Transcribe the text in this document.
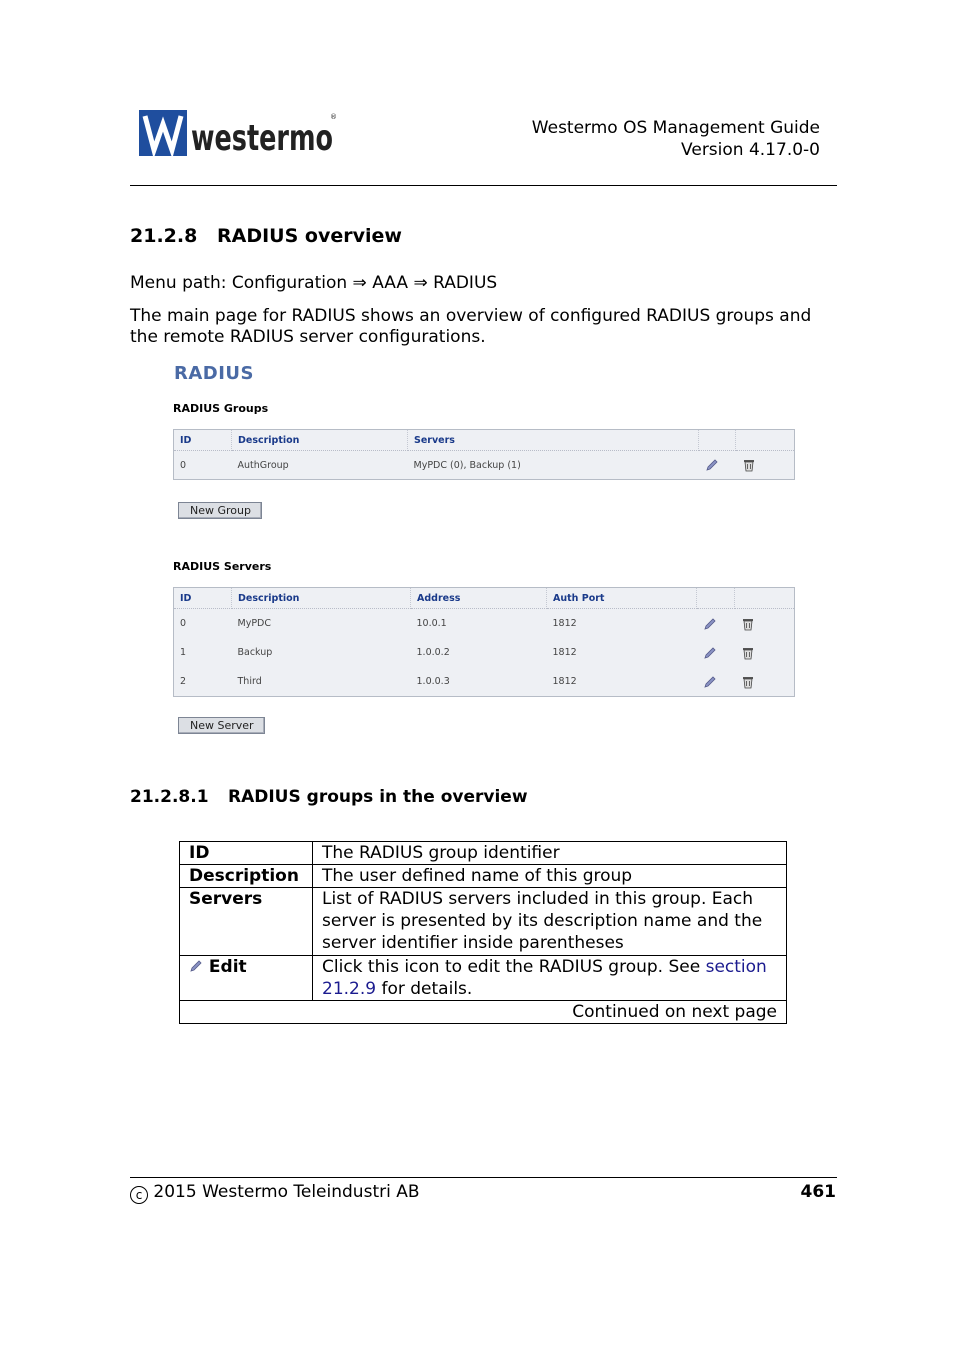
westermo
®
Westermo OS Management Guide
Version 4.17.0-0
21.2.8 RADIUS overview
Menu path: Configuration ⇒ AAA ⇒ RADIUS
The main page for RADIUS shows an overview of configured RADIUS groups and the remote RADIUS server configurations.
RADIUS
RADIUS Groups
ID	Description	Servers		
0	AuthGroup	MyPDC (0), Backup (1)		
New Group
RADIUS Servers
ID	Description	Address	Auth Port		
0	MyPDC	10.0.1	1812		
1	Backup	1.0.0.2	1812		
2	Third	1.0.0.3	1812		
New Server
21.2.8.1 RADIUS groups in the overview
ID	The RADIUS group identifier
Description	The user defined name of this group
Servers	List of RADIUS servers included in this group. Each server is presented by its description name and the server identifier inside parentheses
Edit	Click this icon to edit the RADIUS group. See section 21.2.9 for details.
Continued on next page	
c 2015 Westermo Teleindustri AB	461
